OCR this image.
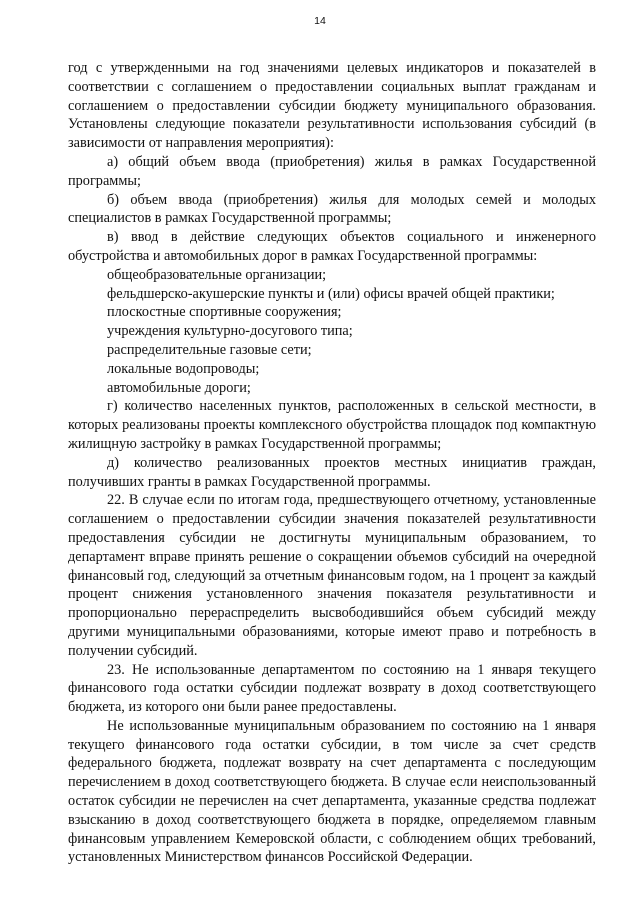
14

год с утвержденными на год значениями целевых индикаторов и показателей в соответствии с соглашением о предоставлении социальных выплат гражданам и соглашением о предоставлении субсидии бюджету муниципального образования. Установлены следующие показатели результативности использования субсидий (в зависимости от направления мероприятия):

а) общий объем ввода (приобретения) жилья в рамках Государственной программы;

б) объем ввода (приобретения) жилья для молодых семей и молодых специалистов в рамках Государственной программы;

в) ввод в действие следующих объектов социального и инженерного обустройства и автомобильных дорог в рамках Государственной программы:

общеобразовательные организации;

фельдшерско-акушерские пункты и (или) офисы врачей общей практики;

плоскостные спортивные сооружения;

учреждения культурно-досугового типа;

распределительные газовые сети;

локальные водопроводы;

автомобильные дороги;

г) количество населенных пунктов, расположенных в сельской местности, в которых реализованы проекты комплексного обустройства площадок под компактную жилищную застройку в рамках Государственной программы;

д) количество реализованных проектов местных инициатив граждан, получивших гранты в рамках Государственной программы.

22. В случае если по итогам года, предшествующего отчетному, установленные соглашением о предоставлении субсидии значения показателей результативности предоставления субсидии не достигнуты муниципальным образованием, то департамент вправе принять решение о сокращении объемов субсидий на очередной финансовый год, следующий за отчетным финансовым годом, на 1 процент за каждый процент снижения установленного значения показателя результативности и пропорционально перераспределить высвободившийся объем субсидий между другими муниципальными образованиями, которые имеют право и потребность в получении субсидий.

23. Не использованные департаментом по состоянию на 1 января текущего финансового года остатки субсидии подлежат возврату в доход соответствующего бюджета, из которого они были ранее предоставлены.

Не использованные муниципальным образованием по состоянию на 1 января текущего финансового года остатки субсидии, в том числе за счет средств федерального бюджета, подлежат возврату на счет департамента с последующим перечислением в доход соответствующего бюджета. В случае если неиспользованный остаток субсидии не перечислен на счет департамента, указанные средства подлежат взысканию в доход соответствующего бюджета в порядке, определяемом главным финансовым управлением Кемеровской области, с соблюдением общих требований, установленных Министерством финансов Российской Федерации.
